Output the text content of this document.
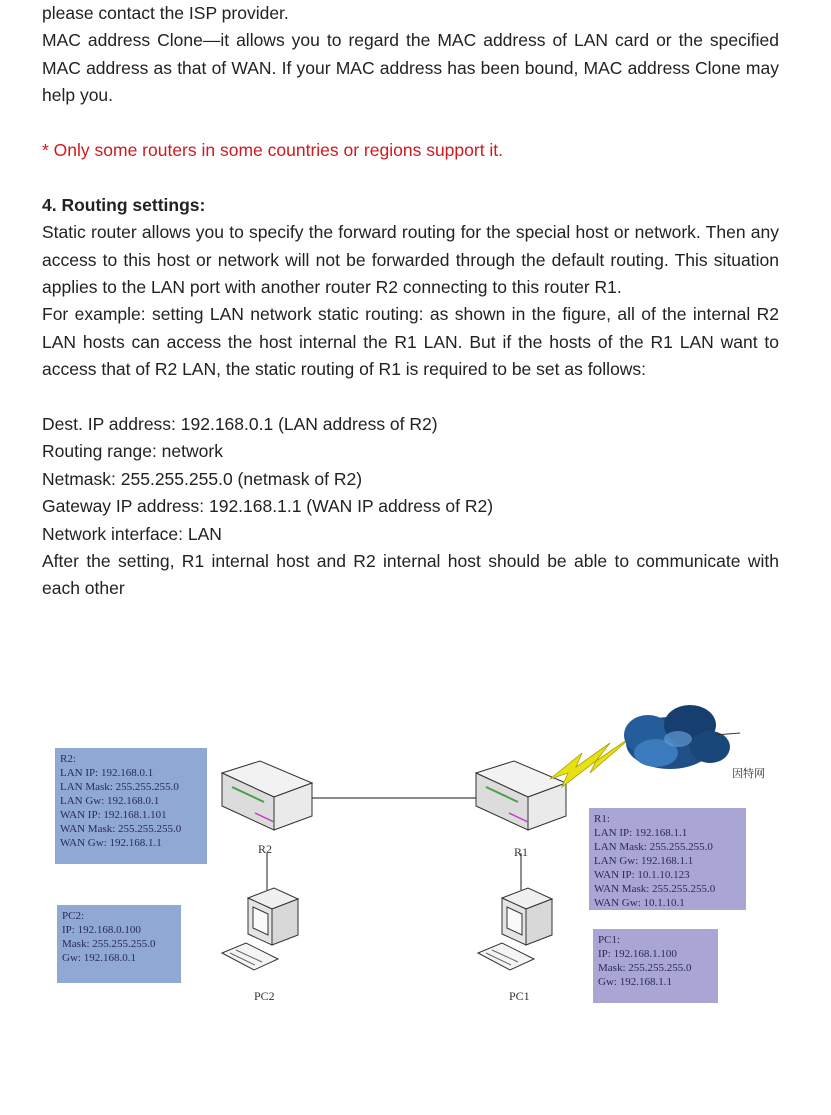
please contact the ISP provider.

MAC address Clone—it allows you to regard the MAC address of LAN card or the specified MAC address as that of WAN. If your MAC address has been bound, MAC address Clone may help you.

* Only some routers in some countries or regions support it.

4. Routing settings:

Static router allows you to specify the forward routing for the special host or network. Then any access to this host or network will not be forwarded through the default routing. This situation applies to the LAN port with another router R2 connecting to this router R1.

For example: setting LAN network static routing: as shown in the figure, all of the internal R2 LAN hosts can access the host internal the R1 LAN. But if the hosts of the R1 LAN want to access that of R2 LAN, the static routing of R1 is required to be set as follows:

Dest. IP address: 192.168.0.1 (LAN address of R2)

Routing range: network

Netmask: 255.255.255.0 (netmask of R2)

Gateway IP address: 192.168.1.1 (WAN IP address of R2)

Network interface: LAN

After the setting, R1 internal host and R2 internal host should be able to communicate with each other

R2:
LAN IP: 192.168.0.1
LAN Mask: 255.255.255.0
LAN Gw: 192.168.0.1
WAN IP: 192.168.1.101
WAN Mask: 255.255.255.0
WAN Gw: 192.168.1.1
PC2:
IP: 192.168.0.100
Mask: 255.255.255.0
Gw: 192.168.0.1
R1:
LAN IP: 192.168.1.1
LAN Mask: 255.255.255.0
LAN Gw: 192.168.1.1
WAN IP: 10.1.10.123
WAN Mask: 255.255.255.0
WAN Gw: 10.1.10.1
PC1:
IP: 192.168.1.100
Mask: 255.255.255.0
Gw: 192.168.1.1
R2	R1
PC2	PC1
因特网
